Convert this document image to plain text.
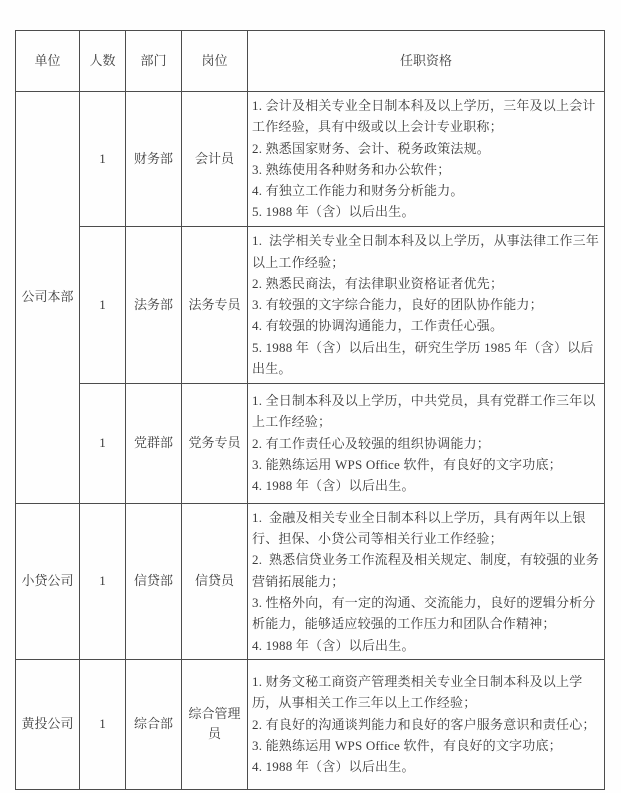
单位	人数	部门	岗位	任职资格
公司本部	1	财务部	会计员	1. 会计及相关专业全日制本科及以上学历，三年及以上会计工作经验，具有中级或以上会计专业职称；
2. 熟悉国家财务、会计、税务政策法规。
3. 熟练使用各种财务和办公软件；
4. 有独立工作能力和财务分析能力。
5. 1988 年（含）以后出生。

	1	法务部	法务专员	1.  法学相关专业全日制本科及以上学历，从事法律工作三年以上工作经验；
2. 熟悉民商法，有法律职业资格证者优先；
3. 有较强的文字综合能力，良好的团队协作能力；
4. 有较强的协调沟通能力，工作责任心强。
5. 1988 年（含）以后出生，研究生学历 1985 年（含）以后出生。

	1	党群部	党务专员	1. 全日制本科及以上学历，中共党员，具有党群工作三年以上工作经验；
2. 有工作责任心及较强的组织协调能力；
3. 能熟练运用 WPS Office 软件，有良好的文字功底；
4. 1988 年（含）以后出生。

小贷公司	1	信贷部	信贷员	1.  金融及相关专业全日制本科以上学历，具有两年以上银行、担保、小贷公司等相关行业工作经验；
2.  熟悉信贷业务工作流程及相关规定、制度，有较强的业务营销拓展能力；
3. 性格外向，有一定的沟通、交流能力，良好的逻辑分析分析能力，能够适应较强的工作压力和团队合作精神；
4. 1988 年（含）以后出生。

黄投公司	1	综合部	综合管理员	1. 财务文秘工商资产管理类相关专业全日制本科及以上学历，从事相关工作三年以上工作经验；
2. 有良好的沟通谈判能力和良好的客户服务意识和责任心；
3. 能熟练运用 WPS Office 软件，有良好的文字功底；
4. 1988 年（含）以后出生。
